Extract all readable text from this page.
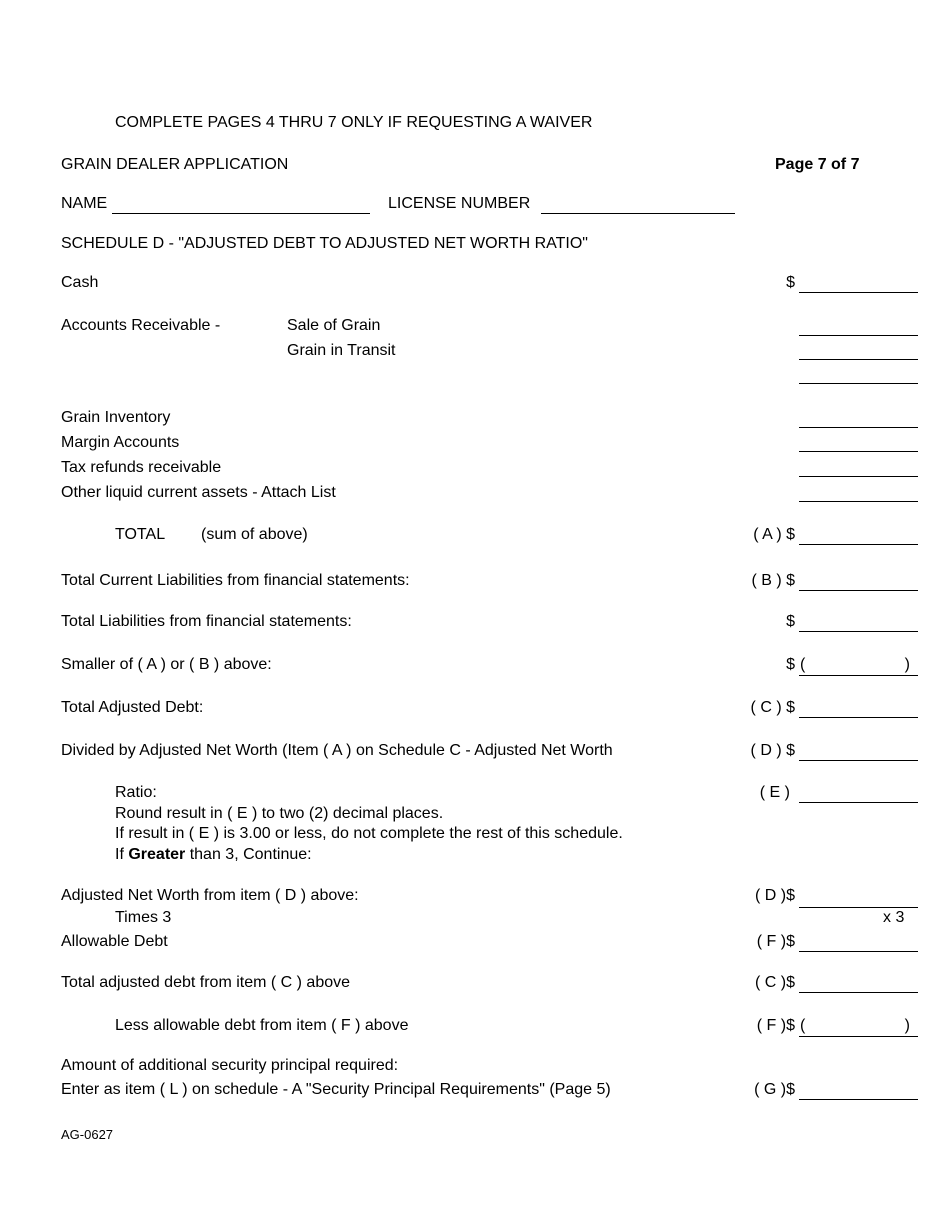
COMPLETE PAGES 4 THRU 7 ONLY IF REQUESTING A WAIVER
GRAIN DEALER APPLICATION	Page 7 of 7
NAME	LICENSE NUMBER
SCHEDULE D - "ADJUSTED DEBT TO ADJUSTED NET WORTH RATIO"
Cash	$
Accounts Receivable -	Sale of Grain
Grain in Transit
Grain Inventory
Margin Accounts
Tax refunds receivable
Other liquid current assets - Attach List
TOTAL (sum of above)	( A ) $
Total Current Liabilities from financial statements:	( B ) $
Total Liabilities from financial statements:	$
Smaller of ( A ) or ( B ) above:	$ (	)
Total Adjusted Debt:	( C ) $
Divided by Adjusted Net Worth (Item ( A ) on Schedule C - Adjusted Net Worth	( D ) $
Ratio:	( E )
Round result in ( E ) to two (2) decimal places.
If result in ( E ) is 3.00 or less, do not complete the rest of this schedule.
If Greater than 3, Continue:
Adjusted Net Worth from item ( D ) above:	( D )$
Times 3	x 3
Allowable Debt	( F )$
Total adjusted debt from item ( C ) above	( C )$
Less allowable debt from item ( F ) above	( F )$ (	)
Amount of additional security principal required:
Enter as item ( L ) on schedule - A "Security Principal Requirements" (Page 5)	( G )$
AG-0627
